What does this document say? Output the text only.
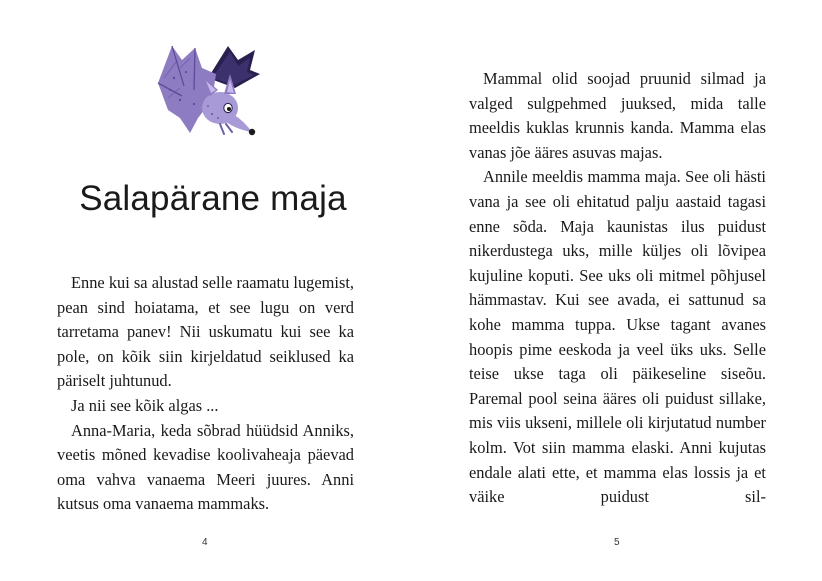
Salapärane maja

Enne kui sa alustad selle raamatu lugemist, pean sind hoiatama, et see lugu on verd tarretama panev! Nii uskumatu kui see ka pole, on kõik siin kirjeldatud seiklused ka päriselt juhtunud.

Ja nii see kõik algas ...

Anna-Maria, keda sõbrad hüüdsid Anniks, veetis mõned kevadise koolivaheaja päevad oma vahva vanaema Meeri juures. Anni kutsus oma vanaema mammaks.

4

Mammal olid soojad pruunid silmad ja valged sulgpehmed juuksed, mida talle meeldis kuklas krunnis kanda. Mamma elas vanas jõe ääres asuvas majas.

Annile meeldis mamma maja. See oli hästi vana ja see oli ehitatud palju aastaid tagasi enne sõda. Maja kaunistas ilus puidust nikerdustega uks, mille küljes oli lõvipea kujuline koputi. See uks oli mitmel põhjusel hämmastav. Kui see avada, ei sattunud sa kohe mamma tuppa. Ukse tagant avanes hoopis pime eeskoda ja veel üks uks. Selle teise ukse taga oli päikeseline siseõu. Paremal pool seina ääres oli puidust sillake, mis viis ukseni, millele oli kirjutatud number kolm. Vot siin mamma elaski. Anni kujutas endale alati ette, et mamma elas lossis ja et väike puidust sil-

5
